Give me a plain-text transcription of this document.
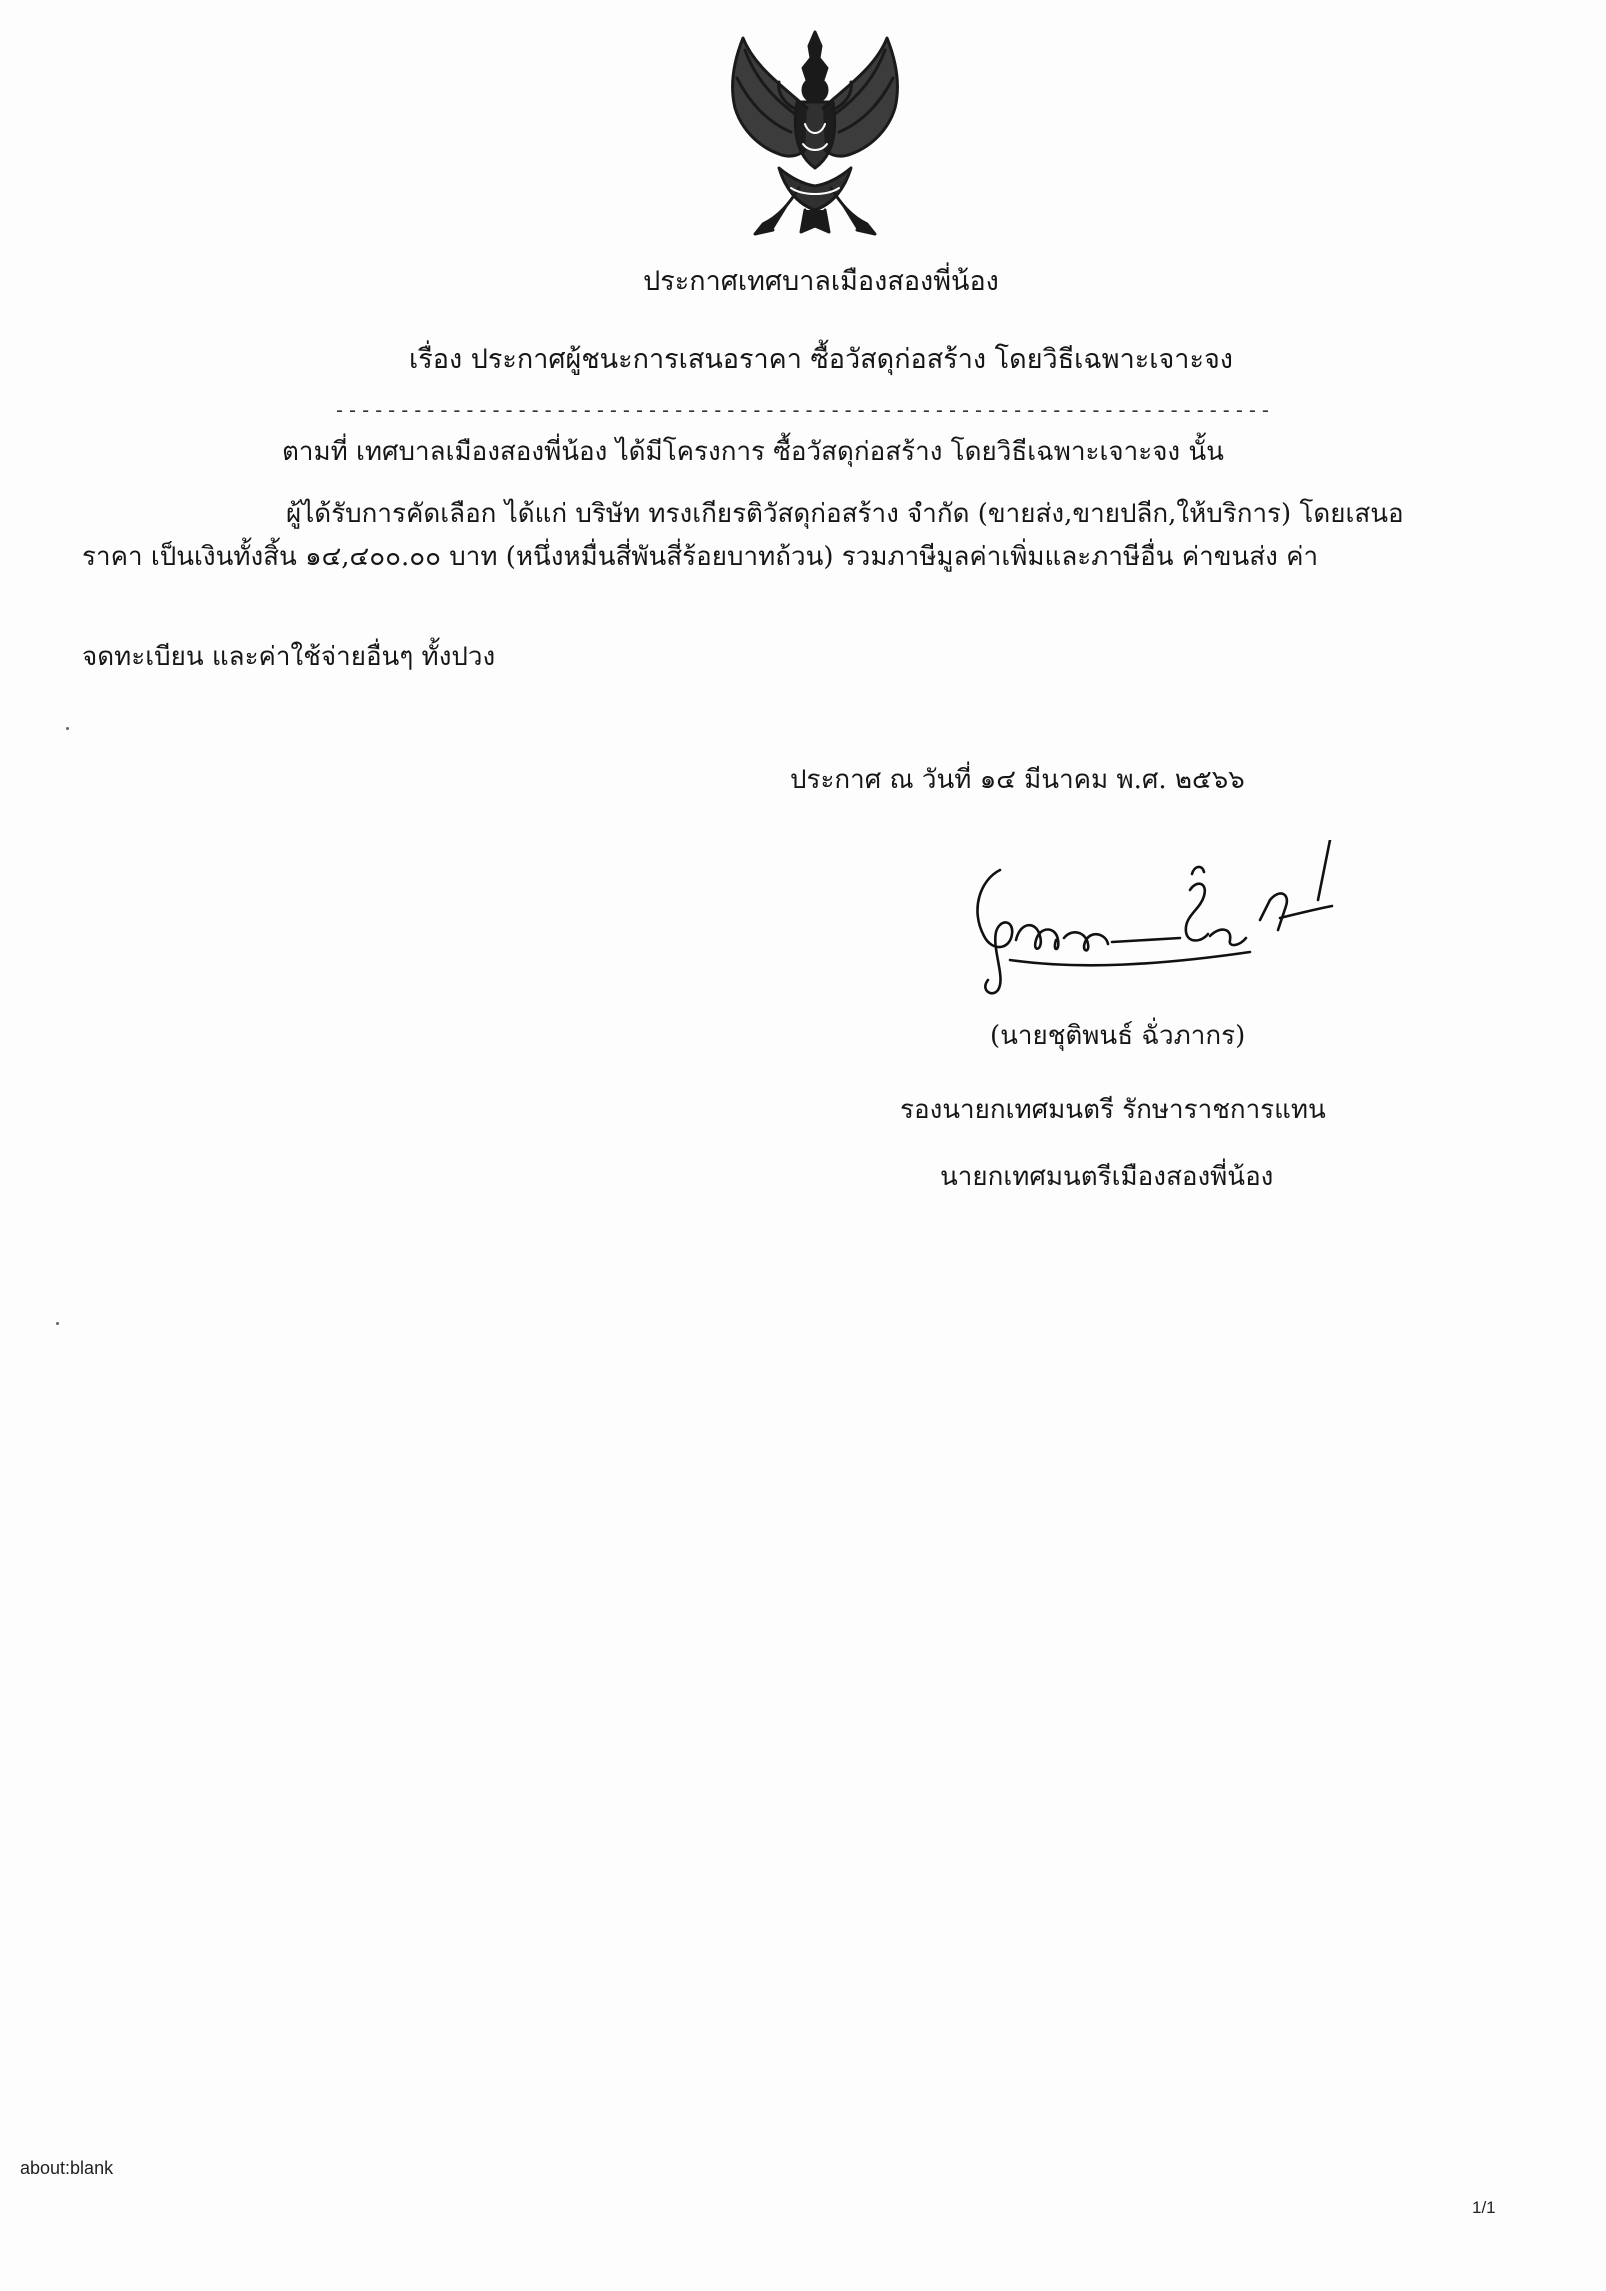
ประกาศเทศบาลเมืองสองพี่น้อง
เรื่อง ประกาศผู้ชนะการเสนอราคา ซื้อวัสดุก่อสร้าง โดยวิธีเฉพาะเจาะจง
------------------------------------------------------------------------
ตามที่ เทศบาลเมืองสองพี่น้อง ได้มีโครงการ ซื้อวัสดุก่อสร้าง โดยวิธีเฉพาะเจาะจง นั้น
ผู้ได้รับการคัดเลือก ได้แก่ บริษัท ทรงเกียรติวัสดุก่อสร้าง จำกัด (ขายส่ง,ขายปลีก,ให้บริการ) โดยเสนอ
ราคา เป็นเงินทั้งสิ้น ๑๔,๔๐๐.๐๐ บาท (หนึ่งหมื่นสี่พันสี่ร้อยบาทถ้วน) รวมภาษีมูลค่าเพิ่มและภาษีอื่น ค่าขนส่ง ค่า
จดทะเบียน และค่าใช้จ่ายอื่นๆ ทั้งปวง
ประกาศ ณ วันที่ ๑๔ มีนาคม พ.ศ. ๒๕๖๖
(นายชุติพนธ์ ฉั่วภากร)
รองนายกเทศมนตรี รักษาราชการแทน
นายกเทศมนตรีเมืองสองพี่น้อง
about:blank
1/1
